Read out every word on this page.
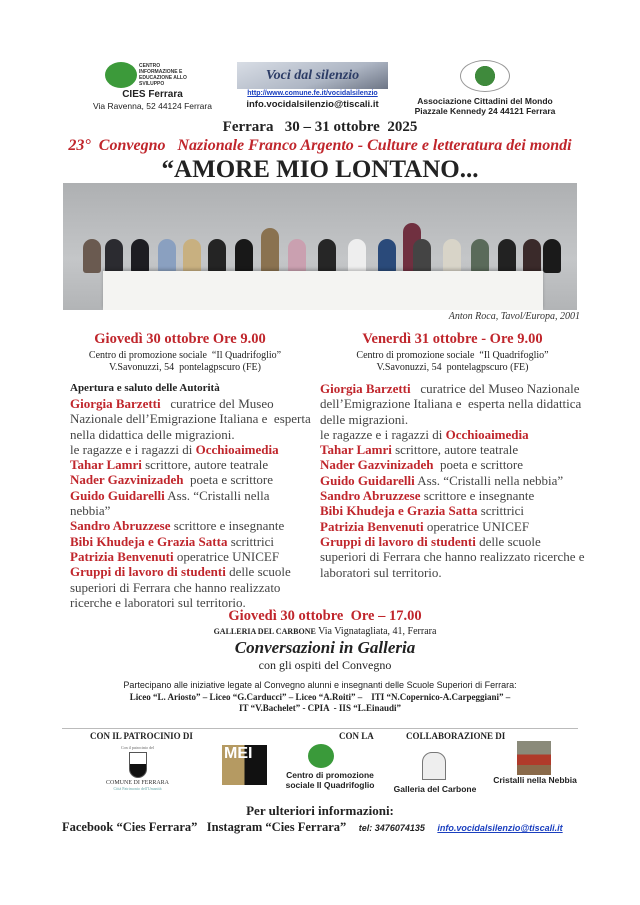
CENTRO
INFORMAZIONE E
EDUCAZIONE ALLO
SVILUPPO
CIES Ferrara
Via Ravenna, 52 44124 Ferrara
Voci dal silenzio
http://www.comune.fe.it/vocidalsilenzio
info.vocidalsilenzio@tiscali.it	Associazione Cittadini del Mondo
Piazzale Kennedy 24 44121 Ferrara
Ferrara   30 – 31 ottobre  2025
23°  Convegno   Nazionale Franco Argento - Culture e letteratura dei mondi
“AMORE MIO LONTANO...
Anton Roca, Tavol/Europa, 2001
Giovedì 30 ottobre Ore 9.00
Centro di promozione sociale  “Il Quadrifoglio”
V.Savonuzzi, 54  pontelagpscuro (FE)
Apertura e saluto delle Autorità
Giorgia Barzetti   curatrice del Museo Nazionale dell’Emigrazione Italiana e  esperta nella didattica delle migrazioni.
le ragazze e i ragazzi di Occhioaimedia
Tahar Lamri scrittore, autore teatrale
Nader Gazvinizadeh  poeta e scrittore
Guido Guidarelli Ass. “Cristalli nella nebbia”
Sandro Abruzzese scrittore e insegnante
Bibi Khudeja e Grazia Satta scrittrici
Patrizia Benvenuti operatrice UNICEF
Gruppi di lavoro di studenti delle scuole superiori di Ferrara che hanno realizzato ricerche e laboratori sul territorio.
Venerdì 31 ottobre - Ore 9.00
Centro di promozione sociale  “Il Quadrifoglio”
V.Savonuzzi, 54  pontelagpscuro (FE)
Giorgia Barzetti   curatrice del Museo Nazionale dell’Emigrazione Italiana e  esperta nella didattica delle migrazioni.
le ragazze e i ragazzi di Occhioaimedia
Tahar Lamri scrittore, autore teatrale
Nader Gazvinizadeh  poeta e scrittore
Guido Guidarelli Ass. “Cristalli nella nebbia”
Sandro Abruzzese scrittore e insegnante
Bibi Khudeja e Grazia Satta scrittrici
Patrizia Benvenuti operatrice UNICEF
Gruppi di lavoro di studenti delle scuole superiori di Ferrara che hanno realizzato ricerche e laboratori sul territorio.
Giovedì 30 ottobre  Ore – 17.00
GALLERIA DEL CARBONE Via Vignatagliata, 41, Ferrara
Conversazioni in Galleria
con gli ospiti del Convegno
Partecipano alle iniziative legate al Convegno alunni e insegnanti delle Scuole Superiori di Ferrara:
Liceo “L. Ariosto” – Liceo “G.Carducci” – Liceo “A.Roiti” –    ITI “N.Copernico-A.Carpeggiani” –
IT “V.Bachelet” - CPIA  - IIS “L.Einaudi”
CON IL PATROCINIO DI	CON LA	COLLABORAZIONE DI
Con il patrocinio del
COMUNE DI FERRARA
Città Patrimonio dell'Umanità
MEI
Centro di promozione sociale Il Quadrifoglio	Galleria del Carbone
Cristalli nella Nebbia
Per ulteriori informazioni:
Facebook “Cies Ferrara”   Instagram “Cies Ferrara” tel: 3476074135 info.vocidalsilenzio@tiscali.it
